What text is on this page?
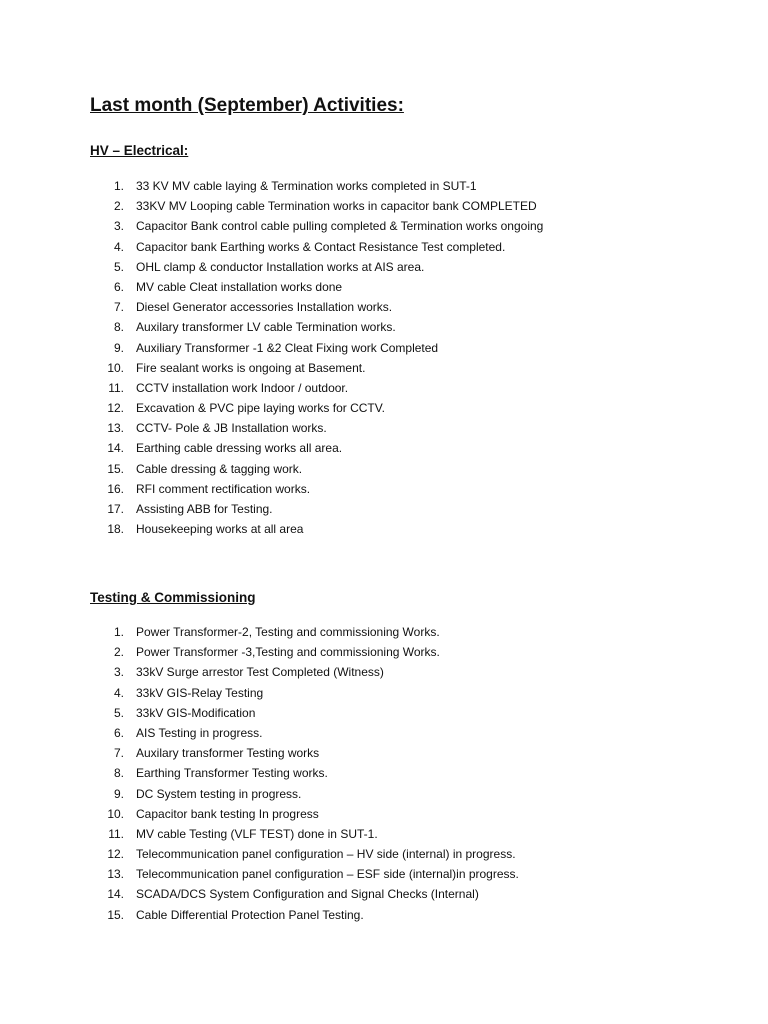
Last month (September) Activities:
HV – Electrical:
1. 33 KV MV cable laying & Termination works completed in SUT-1
2. 33KV MV Looping cable Termination works in capacitor bank COMPLETED
3. Capacitor Bank control cable pulling completed & Termination works ongoing
4. Capacitor bank Earthing works & Contact Resistance Test completed.
5. OHL clamp & conductor Installation works at AIS area.
6. MV cable Cleat installation works done
7. Diesel Generator accessories Installation works.
8. Auxilary transformer LV cable Termination works.
9. Auxiliary Transformer -1 &2 Cleat Fixing work Completed
10. Fire sealant works is ongoing at Basement.
11. CCTV installation work Indoor / outdoor.
12. Excavation & PVC pipe laying works for CCTV.
13. CCTV- Pole & JB Installation works.
14. Earthing cable dressing works all area.
15. Cable dressing & tagging work.
16. RFI comment rectification works.
17. Assisting ABB for Testing.
18. Housekeeping works at all area
Testing & Commissioning
1. Power Transformer-2, Testing and commissioning Works.
2. Power Transformer -3,Testing and commissioning Works.
3. 33kV Surge arrestor Test Completed (Witness)
4. 33kV GIS-Relay Testing
5. 33kV GIS-Modification
6. AIS Testing in progress.
7. Auxilary transformer Testing works
8. Earthing Transformer Testing works.
9. DC System testing in progress.
10. Capacitor bank testing In progress
11. MV cable Testing (VLF TEST) done in SUT-1.
12. Telecommunication panel configuration – HV side (internal) in progress.
13. Telecommunication panel configuration – ESF side (internal)in progress.
14. SCADA/DCS System Configuration and Signal Checks (Internal)
15. Cable Differential Protection Panel Testing.
